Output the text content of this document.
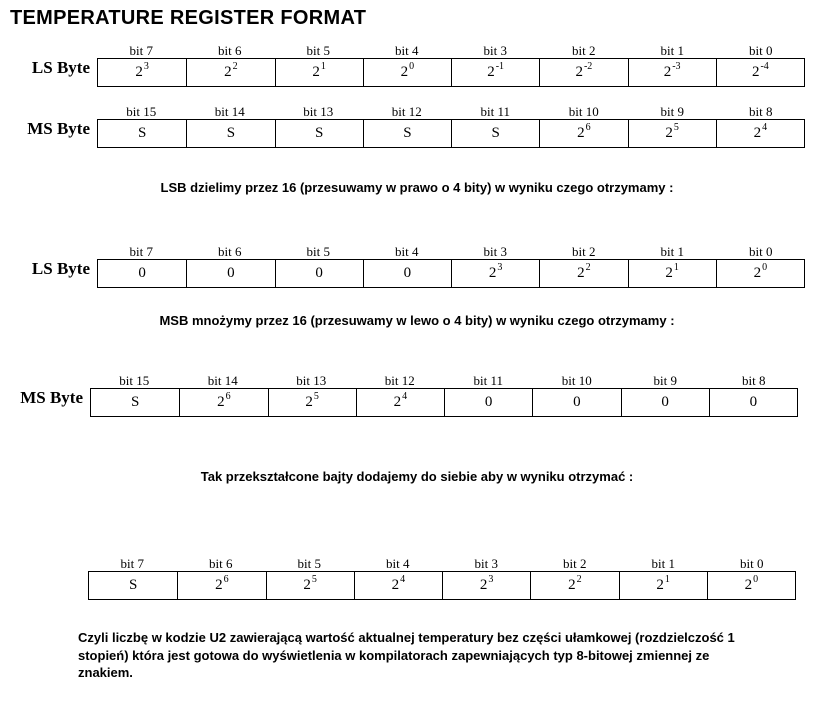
TEMPERATURE REGISTER FORMAT
LS Byte
bit 7	bit 6	bit 5	bit 4	bit 3	bit 2	bit 1	bit 0
$2^3$	$2^2$	$2^1$	$2^0$	$2^{-1}$	$2^{-2}$	$2^{-3}$	$2^{-4}$
MS Byte
bit 15	bit 14	bit 13	bit 12	bit 11	bit 10	bit 9	bit 8
S	S	S	S	S	$2^6$	$2^5$	$2^4$
LSB dzielimy przez 16 (przesuwamy w prawo o 4 bity) w wyniku czego otrzymamy :
LS Byte
bit 7	bit 6	bit 5	bit 4	bit 3	bit 2	bit 1	bit 0
0	0	0	0	$2^3$	$2^2$	$2^1$	$2^0$
MSB mnożymy przez 16 (przesuwamy w lewo o 4 bity) w wyniku czego otrzymamy :
MS Byte
bit 15	bit 14	bit 13	bit 12	bit 11	bit 10	bit 9	bit 8
S	$2^6$	$2^5$	$2^4$	0	0	0	0
Tak przekształcone bajty dodajemy do siebie aby w wyniku otrzymać :
bit 7	bit 6	bit 5	bit 4	bit 3	bit 2	bit 1	bit 0
S	$2^6$	$2^5$	$2^4$	$2^3$	$2^2$	$2^1$	$2^0$
Czyli liczbę w kodzie U2 zawierającą wartość aktualnej temperatury bez części ułamkowej (rozdzielczość 1
stopień) która jest gotowa do wyświetlenia w kompilatorach zapewniających typ 8-bitowej zmiennej ze
znakiem.
